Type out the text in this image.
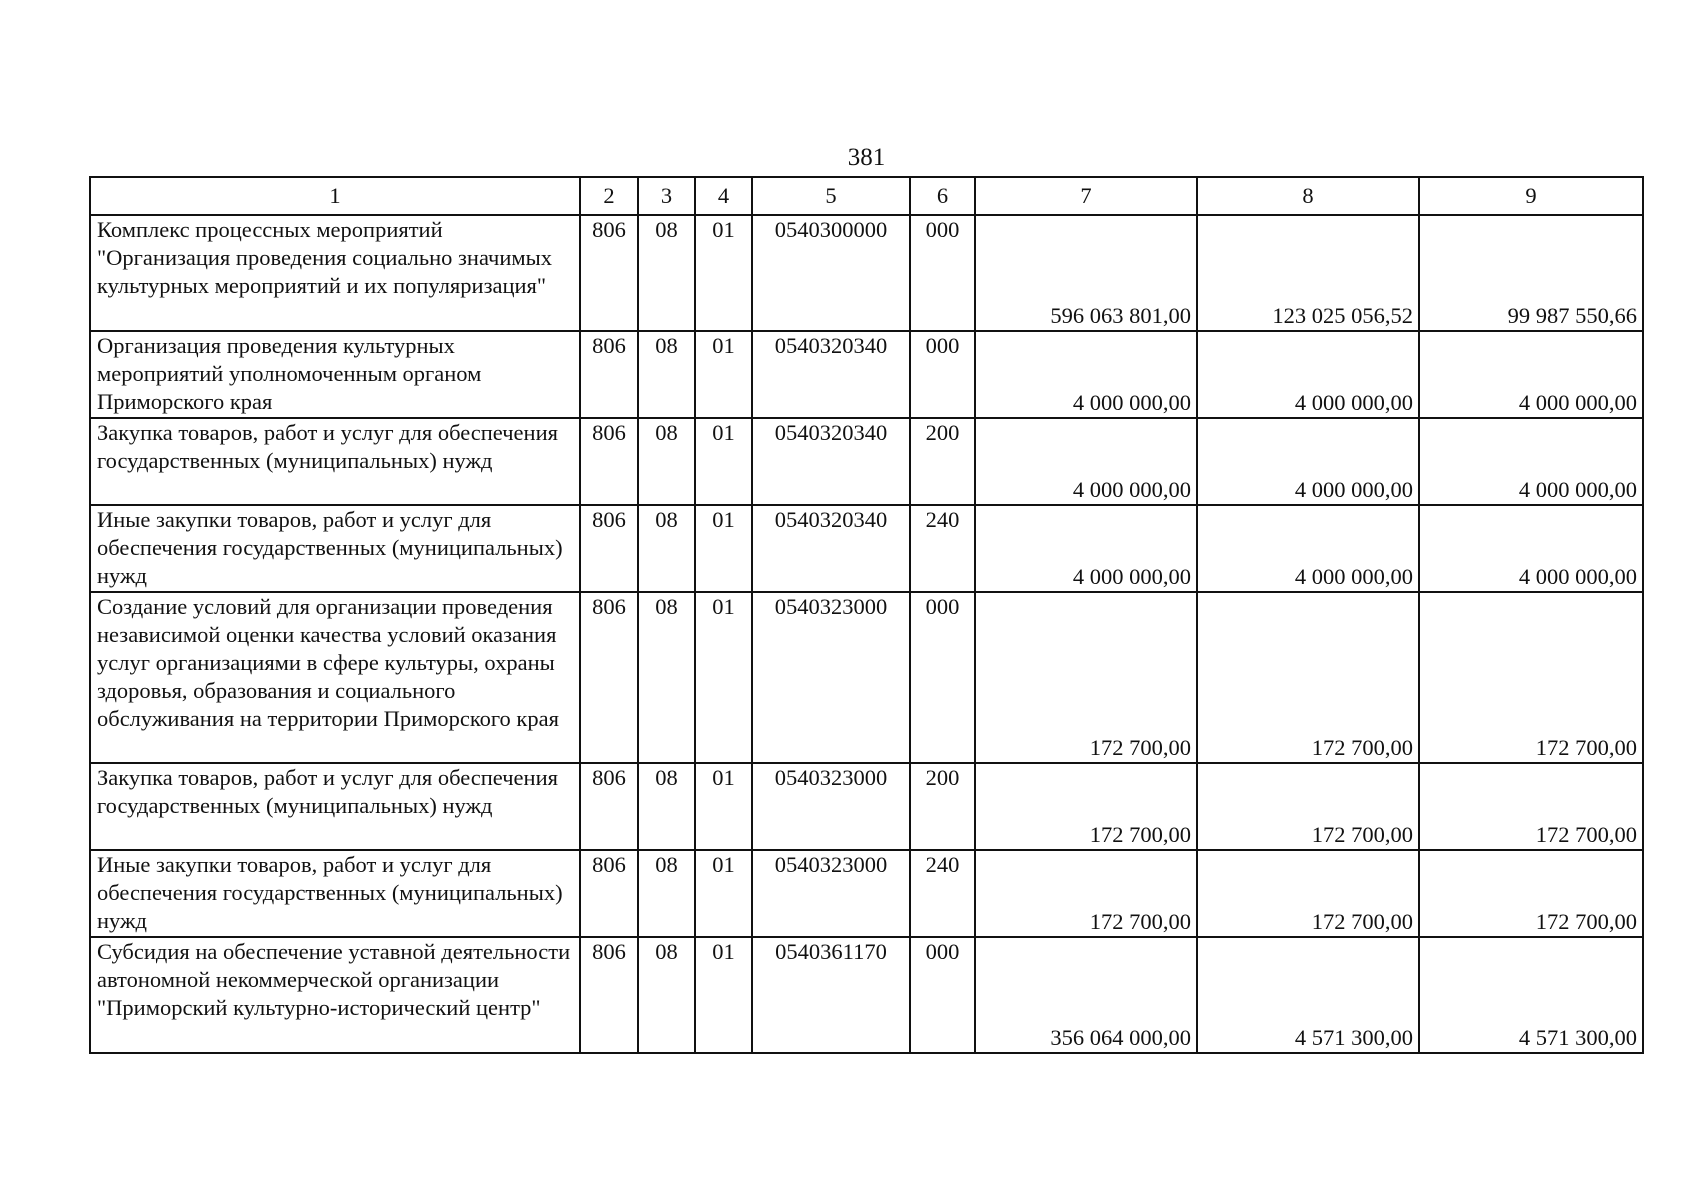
381
1	2	3	4	5	6	7	8	9
Комплекс процессных мероприятий "Организация проведения социально значимых культурных мероприятий и их популяризация"	806	08	01	0540300000	000	596 063 801,00	123 025 056,52	99 987 550,66
Организация проведения культурных мероприятий уполномоченным органом Приморского края	806	08	01	0540320340	000	4 000 000,00	4 000 000,00	4 000 000,00
Закупка товаров, работ и услуг для обеспечения государственных (муниципальных) нужд	806	08	01	0540320340	200	4 000 000,00	4 000 000,00	4 000 000,00
Иные закупки товаров, работ и услуг для обеспечения государственных (муниципальных) нужд	806	08	01	0540320340	240	4 000 000,00	4 000 000,00	4 000 000,00
Создание условий для организации проведения независимой оценки качества условий оказания услуг организациями в сфере культуры, охраны здоровья, образования и социального обслуживания на территории Приморского края	806	08	01	0540323000	000	172 700,00	172 700,00	172 700,00
Закупка товаров, работ и услуг для обеспечения государственных (муниципальных) нужд	806	08	01	0540323000	200	172 700,00	172 700,00	172 700,00
Иные закупки товаров, работ и услуг для обеспечения государственных (муниципальных) нужд	806	08	01	0540323000	240	172 700,00	172 700,00	172 700,00
Субсидия на обеспечение уставной деятельности автономной некоммерческой организации "Приморский культурно-исторический центр"	806	08	01	0540361170	000	356 064 000,00	4 571 300,00	4 571 300,00
